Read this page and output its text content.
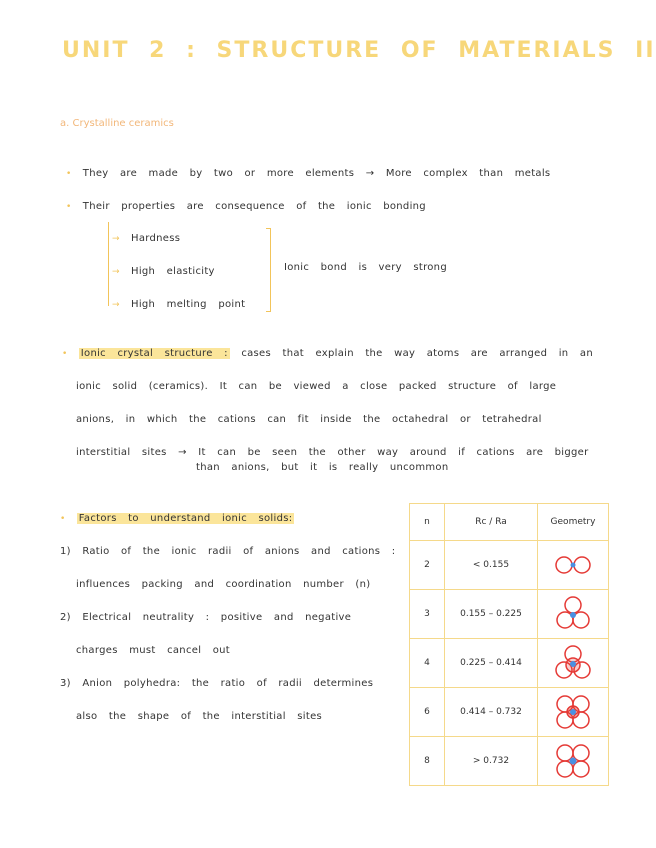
UNIT 2 : STRUCTURE OF MATERIALS II
a. Crystalline ceramics
• They are made by two or more elements → More complex than metals
• Their properties are consequence of the ionic bonding
→ Hardness
→ High elasticity
→ High melting point
Ionic bond is very strong
• Ionic crystal structure : cases that explain the way atoms are arranged in an
ionic solid (ceramics). It can be viewed a close packed structure of large
anions, in which the cations can fit inside the octahedral or tetrahedral
interstitial sites → It can be seen the other way around if cations are bigger
than anions, but it is really uncommon
• Factors to understand ionic solids:
1) Ratio of the ionic radii of anions and cations :
influences packing and coordination number (n)
2) Electrical neutrality : positive and negative
charges must cancel out
3) Anion polyhedra: the ratio of radii determines
also the shape of the interstitial sites
n	Rc / Ra	Geometry
2	< 0.155	

3	0.155 – 0.225	

4	0.225 – 0.414	

6	0.414 – 0.732	

8	> 0.732	
